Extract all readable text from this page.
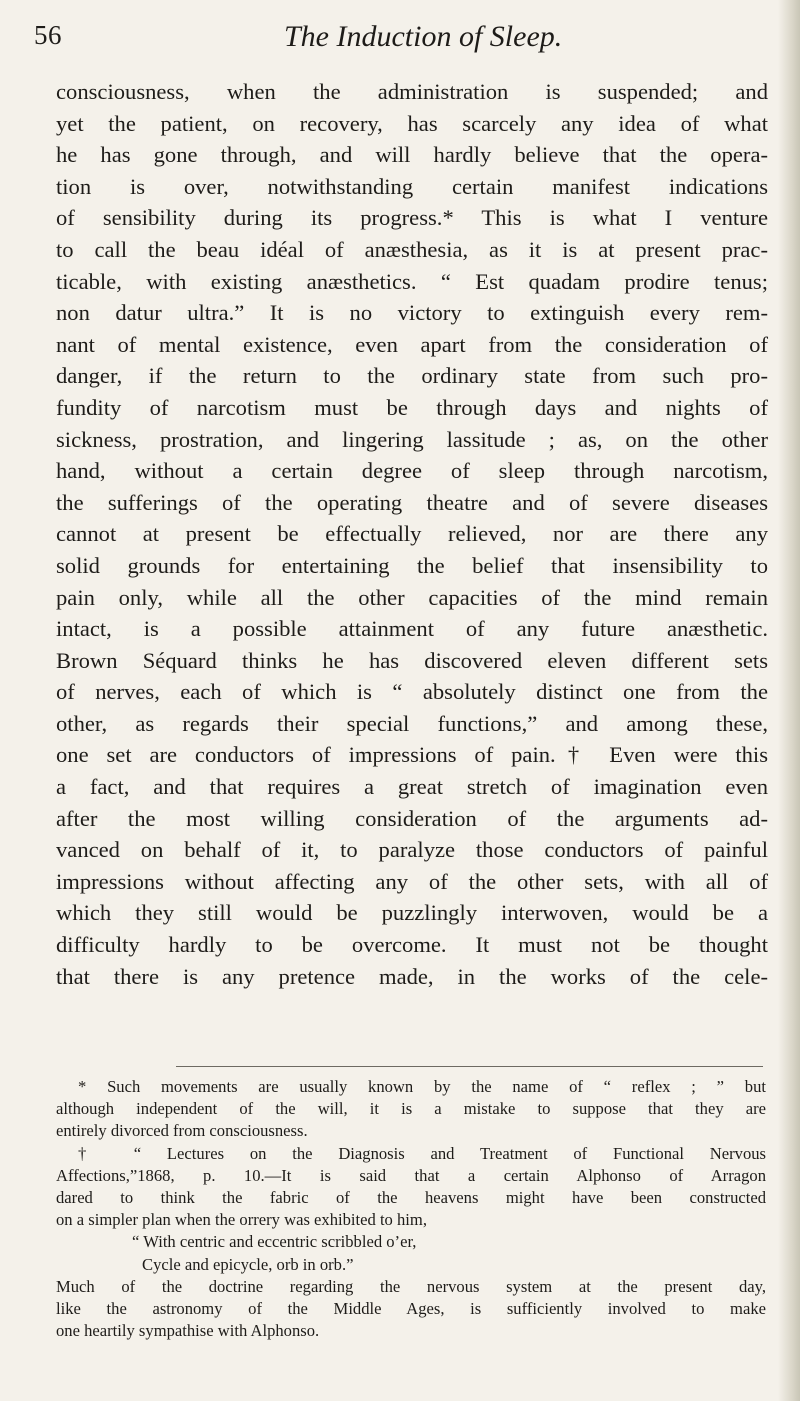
56	The Induction of Sleep.
consciousness, when the administration is suspended; and
yet the patient, on recovery, has scarcely any idea of what
he has gone through, and will hardly believe that the opera-
tion is over, notwithstanding certain manifest indications
of sensibility during its progress.* This is what I venture
to call the beau idéal of anæsthesia, as it is at present prac-
ticable, with existing anæsthetics. “ Est quadam prodire tenus;
non datur ultra.” It is no victory to extinguish every rem-
nant of mental existence, even apart from the consideration of
danger, if the return to the ordinary state from such pro-
fundity of narcotism must be through days and nights of
sickness, prostration, and lingering lassitude ; as, on the other
hand, without a certain degree of sleep through narcotism,
the sufferings of the operating theatre and of severe diseases
cannot at present be effectually relieved, nor are there any
solid grounds for entertaining the belief that insensibility to
pain only, while all the other capacities of the mind remain
intact, is a possible attainment of any future anæsthetic.
Brown Séquard thinks he has discovered eleven different sets
of nerves, each of which is “ absolutely distinct one from the
other, as regards their special functions,” and among these,
one set are conductors of impressions of pain.† Even were this
a fact, and that requires a great stretch of imagination even
after the most willing consideration of the arguments ad-
vanced on behalf of it, to paralyze those conductors of painful
impressions without affecting any of the other sets, with all of
which they still would be puzzlingly interwoven, would be a
difficulty hardly to be overcome. It must not be thought
that there is any pretence made, in the works of the cele-
* Such movements are usually known by the name of “ reflex ; ” but
although independent of the will, it is a mistake to suppose that they are
entirely divorced from consciousness.
† “ Lectures on the Diagnosis and Treatment of Functional Nervous
Affections,”1868, p. 10.—It is said that a certain Alphonso of Arragon
dared to think the fabric of the heavens might have been constructed
on a simpler plan when the orrery was exhibited to him,
“ With centric and eccentric scribbled o’er,
Cycle and epicycle, orb in orb.”
Much of the doctrine regarding the nervous system at the present day,
like the astronomy of the Middle Ages, is sufficiently involved to make
one heartily sympathise with Alphonso.
